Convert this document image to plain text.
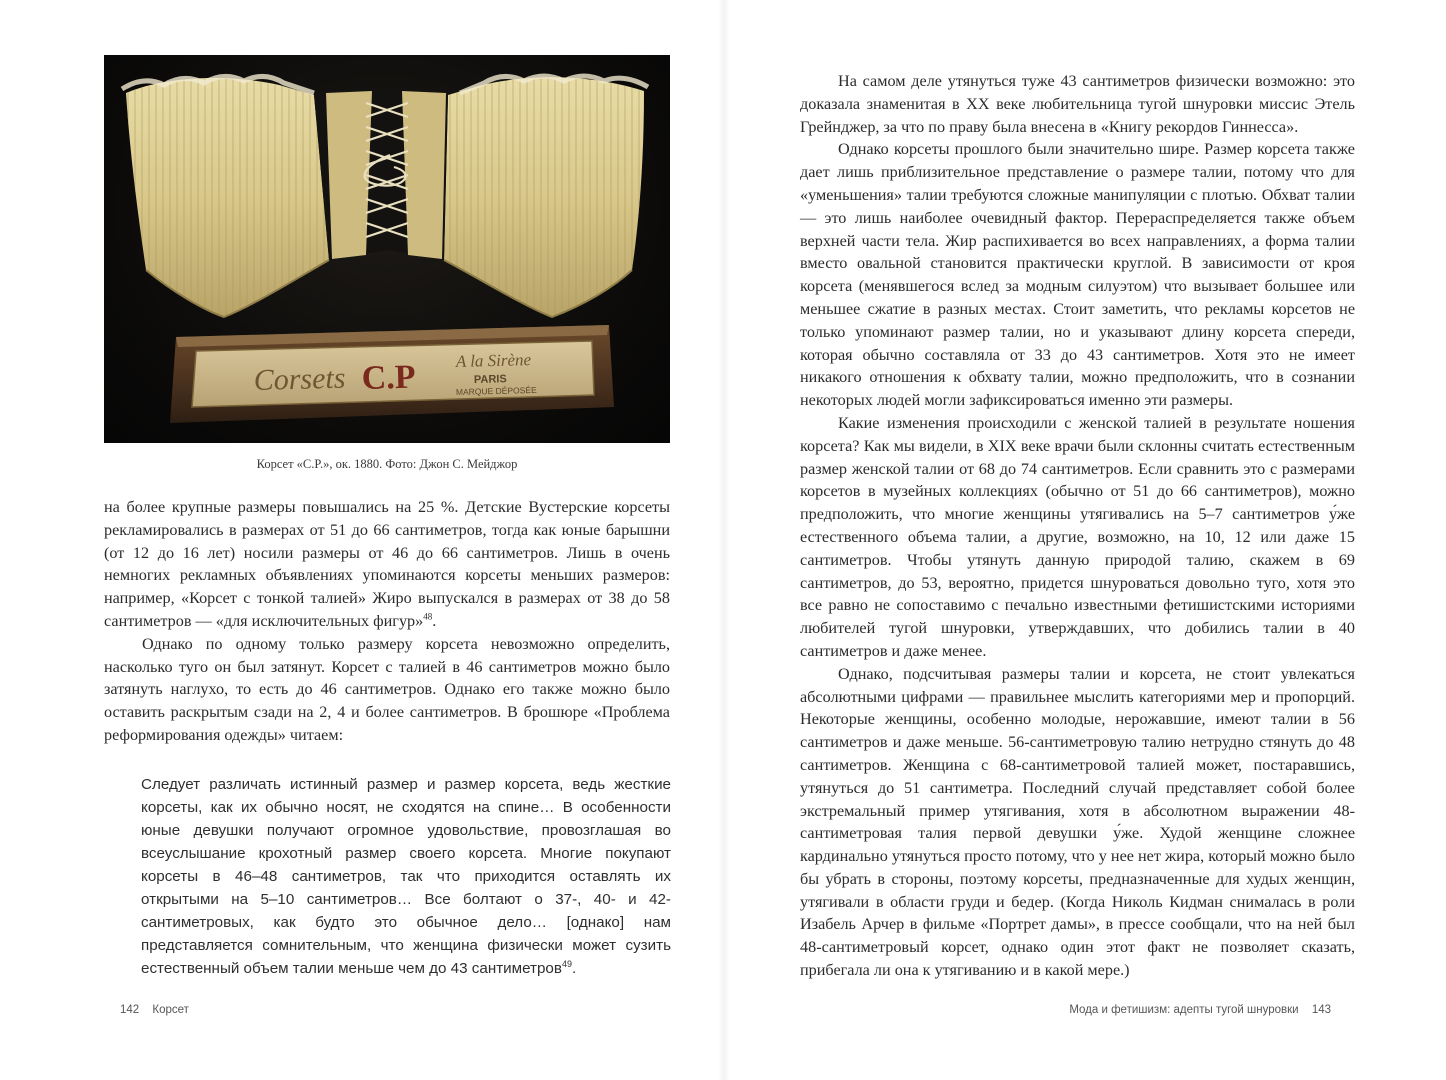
Corsets C.P A la Sirène
PARIS
MARQUE DÉPOSÉE
Корсет «C.P.», ок. 1880. Фото: Джон С. Мейджор

на более крупные размеры повышались на 25 %. Детские Вустерские корсеты рекламировались в размерах от 51 до 66 сантиметров, тогда как юные барышни (от 12 до 16 лет) носили размеры от 46 до 66 сантиметров. Лишь в очень немногих рекламных объявлениях упоминаются корсеты меньших размеров: например, «Корсет с тонкой талией» Жиро выпускался в размерах от 38 до 58 сантиметров — «для исключительных фигур»$^{48}$.

Однако по одному только размеру корсета невозможно определить, насколько туго он был затянут. Корсет с талией в 46 сантиметров можно было затянуть наглухо, то есть до 46 сантиметров. Однако его также можно было оставить раскрытым сзади на 2, 4 и более сантиметров. В брошюре «Проблема реформирования одежды» читаем:

Следует различать истинный размер и размер корсета, ведь жесткие корсеты, как их обычно носят, не сходятся на спине… В особенности юные девушки получают огромное удовольствие, провозглашая во всеуслышание крохотный размер своего корсета. Многие покупают корсеты в 46–48 сантиметров, так что приходится оставлять их открытыми на 5–10 сантиметров… Все болтают о 37-, 40- и 42-сантиметровых, как будто это обычное дело… [однако] нам представляется сомнительным, что женщина физически может сузить естественный объем талии меньше чем до 43 сантиметров$^{49}$.

142 Корсет

На самом деле утянуться туже 43 сантиметров физически возможно: это доказала знаменитая в XX веке любительница тугой шнуровки миссис Этель Грейнджер, за что по праву была внесена в «Книгу рекордов Гиннесса».

Однако корсеты прошлого были значительно шире. Размер корсета также дает лишь приблизительное представление о размере талии, потому что для «уменьшения» талии требуются сложные манипуляции с плотью. Обхват талии — это лишь наиболее очевидный фактор. Перераспределяется также объем верхней части тела. Жир распихивается во всех направлениях, а форма талии вместо овальной становится практически круглой. В зависимости от кроя корсета (менявшегося вслед за модным силуэтом) что вызывает большее или меньшее сжатие в разных местах. Стоит заметить, что рекламы корсетов не только упоминают размер талии, но и указывают длину корсета спереди, которая обычно составляла от 33 до 43 сантиметров. Хотя это не имеет никакого отношения к обхвату талии, можно предположить, что в сознании некоторых людей могли зафиксироваться именно эти размеры.

Какие изменения происходили с женской талией в результате ношения корсета? Как мы видели, в XIX веке врачи были склонны считать естественным размер женской талии от 68 до 74 сантиметров. Если сравнить это с размерами корсетов в музейных коллекциях (обычно от 51 до 66 сантиметров), можно предположить, что многие женщины утягивались на 5–7 сантиметров у́же естественного объема талии, а другие, возможно, на 10, 12 или даже 15 сантиметров. Чтобы утянуть данную природой талию, скажем в 69 сантиметров, до 53, вероятно, придется шнуроваться довольно туго, хотя это все равно не сопоставимо с печально известными фетишистскими историями любителей тугой шнуровки, утверждавших, что добились талии в 40 сантиметров и даже менее.

Однако, подсчитывая размеры талии и корсета, не стоит увлекаться абсолютными цифрами — правильнее мыслить категориями мер и пропорций. Некоторые женщины, особенно молодые, нерожавшие, имеют талии в 56 сантиметров и даже меньше. 56-сантиметровую талию нетрудно стянуть до 48 сантиметров. Женщина с 68-сантиметровой талией может, постаравшись, утянуться до 51 сантиметра. Последний случай представляет собой более экстремальный пример утягивания, хотя в абсолютном выражении 48-сантиметровая талия первой девушки у́же. Худой женщине сложнее кардинально утянуться просто потому, что у нее нет жира, который можно было бы убрать в стороны, поэтому корсеты, предназначенные для худых женщин, утягивали в области груди и бедер. (Когда Николь Кидман снималась в роли Изабель Арчер в фильме «Портрет дамы», в прессе сообщали, что на ней был 48-сантиметровый корсет, однако один этот факт не позволяет сказать, прибегала ли она к утягиванию и в какой мере.)

Мода и фетишизм: адепты тугой шнуровки 143
